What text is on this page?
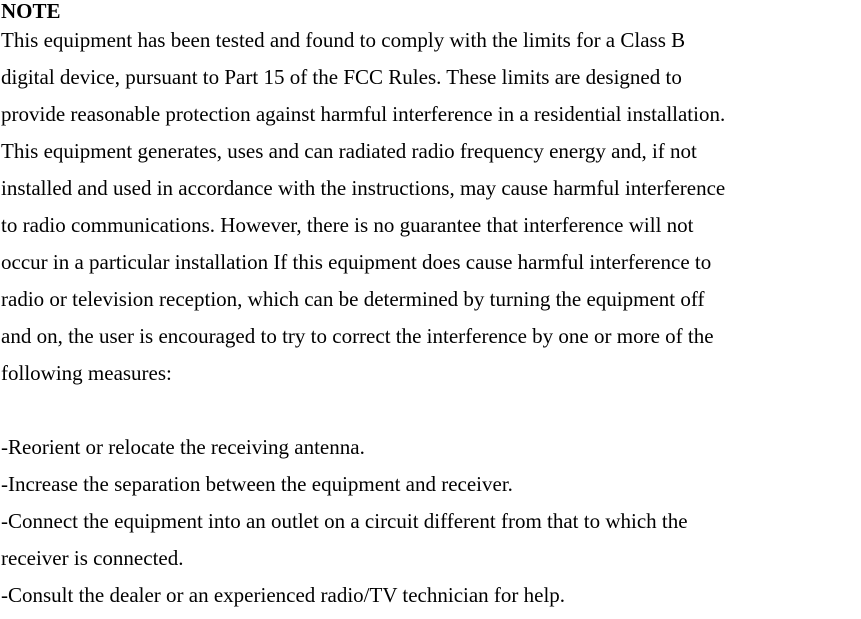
NOTE
This equipment has been tested and found to comply with the limits for a Class B
digital device, pursuant to Part 15 of the FCC Rules. These limits are designed to
provide reasonable protection against harmful interference in a residential installation.
This equipment generates, uses and can radiated radio frequency energy and, if not
installed and used in accordance with the instructions, may cause harmful interference
to radio communications. However, there is no guarantee that interference will not
occur in a particular installation If this equipment does cause harmful interference to
radio or television reception, which can be determined by turning the equipment off
and on, the user is encouraged to try to correct the interference by one or more of the
following measures:
-Reorient or relocate the receiving antenna.
-Increase the separation between the equipment and receiver.
-Connect the equipment into an outlet on a circuit different from that to which the
receiver is connected.
-Consult the dealer or an experienced radio/TV technician for help.
